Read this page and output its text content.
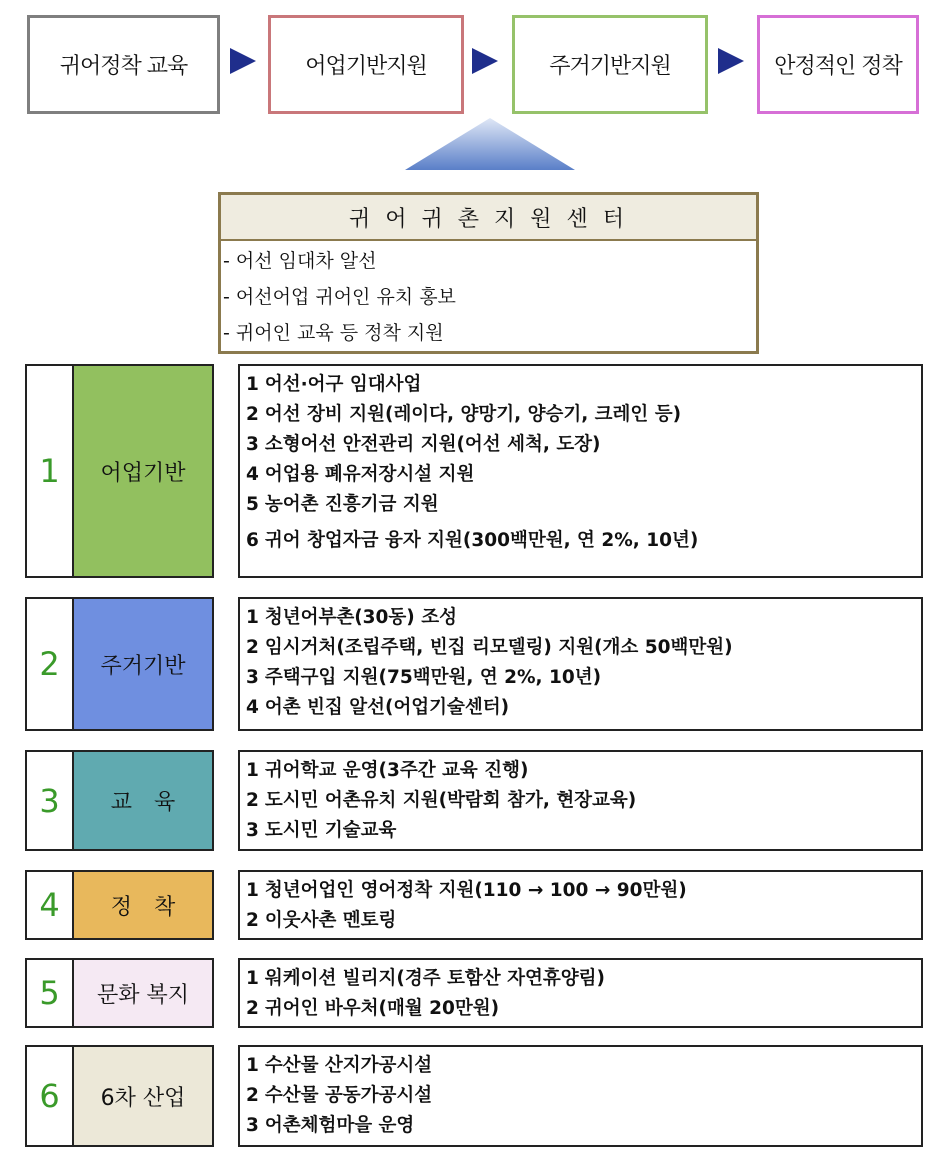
귀어정착 교육	어업기반지원	주거기반지원	안정적인 정착
귀 어 귀 촌 지 원 센 터
- 어선 임대차 알선
- 어선어업 귀어인 유치 홍보
- 귀어인 교육 등 정착 지원
1	어업기반
1 어선·어구 임대사업
2 어선 장비 지원(레이다, 양망기, 양승기, 크레인 등)
3 소형어선 안전관리 지원(어선 세척, 도장)
4 어업용 폐유저장시설 지원
5 농어촌 진흥기금 지원
6 귀어 창업자금 융자 지원(300백만원, 연 2%, 10년)
2	주거기반
1 청년어부촌(30동) 조성
2 임시거처(조립주택, 빈집 리모델링) 지원(개소 50백만원)
3 주택구입 지원(75백만원, 연 2%, 10년)
4 어촌 빈집 알선(어업기술센터)
3	교　육
1 귀어학교 운영(3주간 교육 진행)
2 도시민 어촌유치 지원(박람회 참가, 현장교육)
3 도시민 기술교육
4	정　착
1 청년어업인 영어정착 지원(110 → 100 → 90만원)
2 이웃사촌 멘토링
5	문화 복지
1 워케이션 빌리지(경주 토함산 자연휴양림)
2 귀어인 바우처(매월 20만원)
6	6차 산업
1 수산물 산지가공시설
2 수산물 공동가공시설
3 어촌체험마을 운영
